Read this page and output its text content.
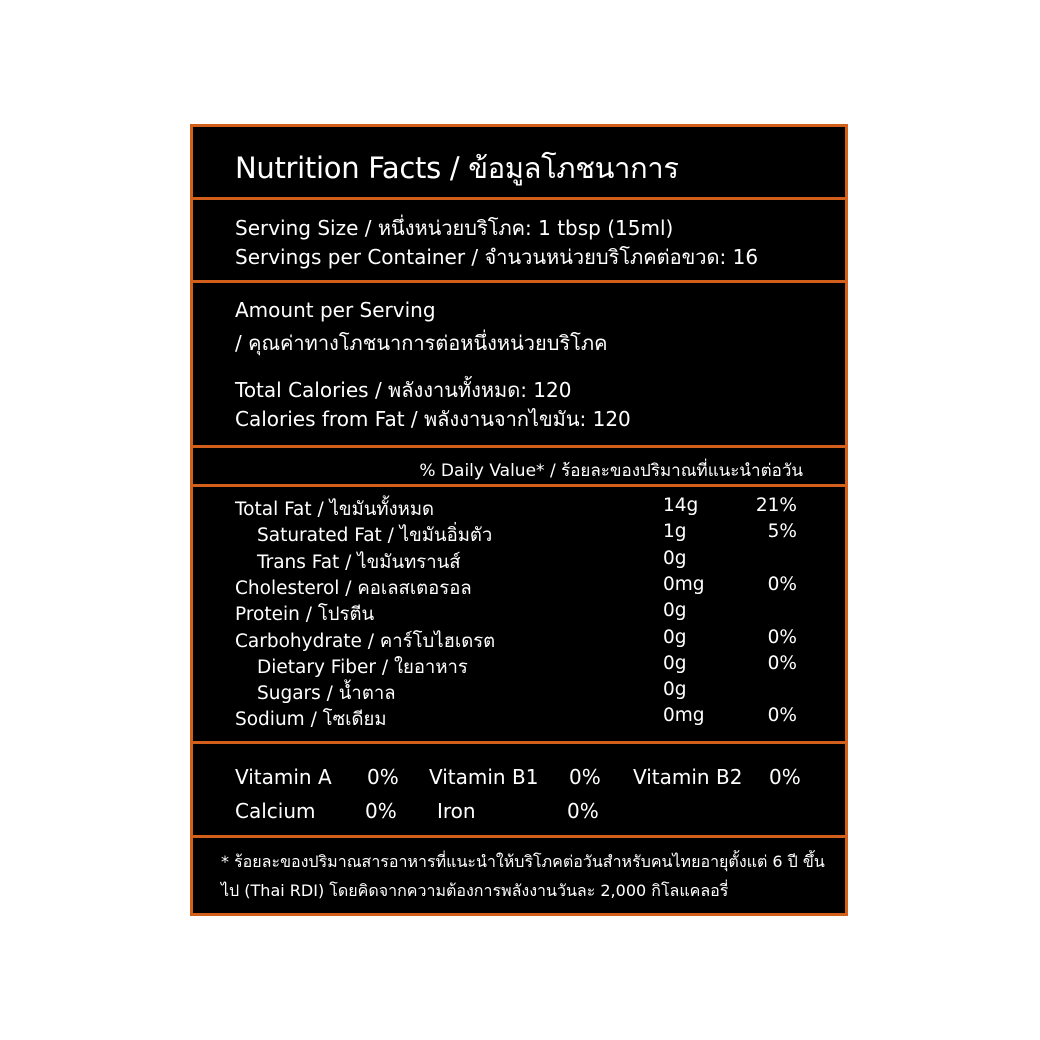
Nutrition Facts / ข้อมูลโภชนาการ
Serving Size / หนึ่งหน่วยบริโภค: 1 tbsp (15ml)
Servings per Container / จำนวนหน่วยบริโภคต่อขวด: 16
Amount per Serving
/ คุณค่าทางโภชนาการต่อหนึ่งหน่วยบริโภค
Total Calories / พลังงานทั้งหมด: 120
Calories from Fat / พลังงานจากไขมัน: 120
% Daily Value* / ร้อยละของปริมาณที่แนะนำต่อวัน
Total Fat / ไขมันทั้งหมด	14g	21%
Saturated Fat / ไขมันอิ่มตัว	1g	5%
Trans Fat / ไขมันทรานส์	0g
Cholesterol / คอเลสเตอรอล	0mg	0%
Protein / โปรตีน	0g
Carbohydrate / คาร์โบไฮเดรต	0g	0%
Dietary Fiber / ใยอาหาร	0g	0%
Sugars / น้ำตาล	0g
Sodium / โซเดียม	0mg	0%
Vitamin A 0% Vitamin B1 0% Vitamin B2 0%
Calcium 0% Iron	0%
* ร้อยละของปริมาณสารอาหารที่แนะนำให้บริโภคต่อวันสำหรับคนไทยอายุตั้งแต่ 6 ปี ขึ้นไป (Thai RDI) โดยคิดจากความต้องการพลังงานวันละ 2,000 กิโลแคลอรี่
